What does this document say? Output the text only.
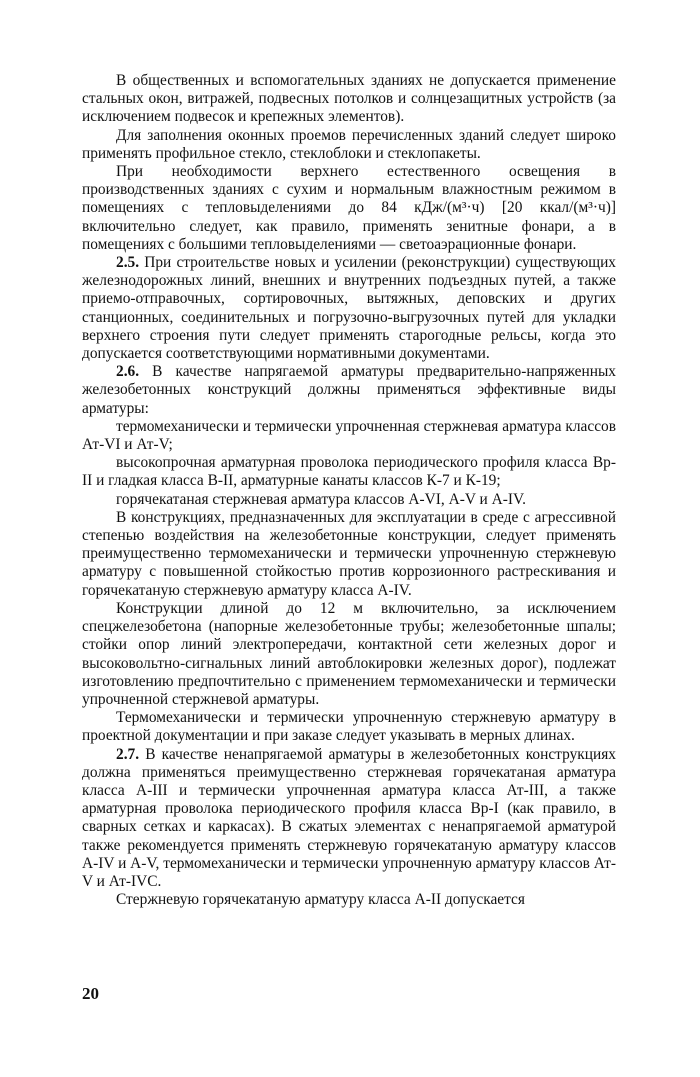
В общественных и вспомогательных зданиях не допускается применение стальных окон, витражей, подвесных потолков и солнцезащитных устройств (за исключением подвесок и крепежных элементов).

Для заполнения оконных проемов перечисленных зданий следует широко применять профильное стекло, стеклоблоки и стеклопакеты.

При необходимости верхнего естественного освещения в производственных зданиях с сухим и нормальным влажностным режимом в помещениях с тепловыделениями до 84 кДж/(м³·ч) [20 ккал/(м³·ч)] включительно следует, как правило, применять зенитные фонари, а в помещениях с большими тепловыделениями — светоаэрационные фонари.

2.5. При строительстве новых и усилении (реконструкции) существующих железнодорожных линий, внешних и внутренних подъездных путей, а также приемо-отправочных, сортировочных, вытяжных, деповских и других станционных, соединительных и погрузочно-выгрузочных путей для укладки верхнего строения пути следует применять старогодные рельсы, когда это допускается соответствующими нормативными документами.

2.6. В качестве напрягаемой арматуры предварительно-напряженных железобетонных конструкций должны применяться эффективные виды арматуры:

термомеханически и термически упрочненная стержневая арматура классов Ат-VI и Ат-V;

высокопрочная арматурная проволока периодического профиля класса Вр-II и гладкая класса В-II, арматурные канаты классов К-7 и К-19;

горячекатаная стержневая арматура классов А-VI, А-V и А-IV.

В конструкциях, предназначенных для эксплуатации в среде с агрессивной степенью воздействия на железобетонные конструкции, следует применять преимущественно термомеханически и термически упрочненную стержневую арматуру с повышенной стойкостью против коррозионного растрескивания и горячекатаную стержневую арматуру класса А-IV.

Конструкции длиной до 12 м включительно, за исключением спецжелезобетона (напорные железобетонные трубы; железобетонные шпалы; стойки опор линий электропередачи, контактной сети железных дорог и высоковольтно-сигнальных линий автоблокировки железных дорог), подлежат изготовлению предпочтительно с применением термомеханически и термически упрочненной стержневой арматуры.

Термомеханически и термически упрочненную стержневую арматуру в проектной документации и при заказе следует указывать в мерных длинах.

2.7. В качестве ненапрягаемой арматуры в железобетонных конструкциях должна применяться преимущественно стержневая горячекатаная арматура класса А-III и термически упрочненная арматура класса Ат-III, а также арматурная проволока периодического профиля класса Вр-I (как правило, в сварных сетках и каркасах). В сжатых элементах с ненапрягаемой арматурой также рекомендуется применять стержневую горячекатаную арматуру классов А-IV и А-V, термомеханически и термически упрочненную арматуру классов Ат-V и Ат-IVС.

Стержневую горячекатаную арматуру класса А-II допускается

20
